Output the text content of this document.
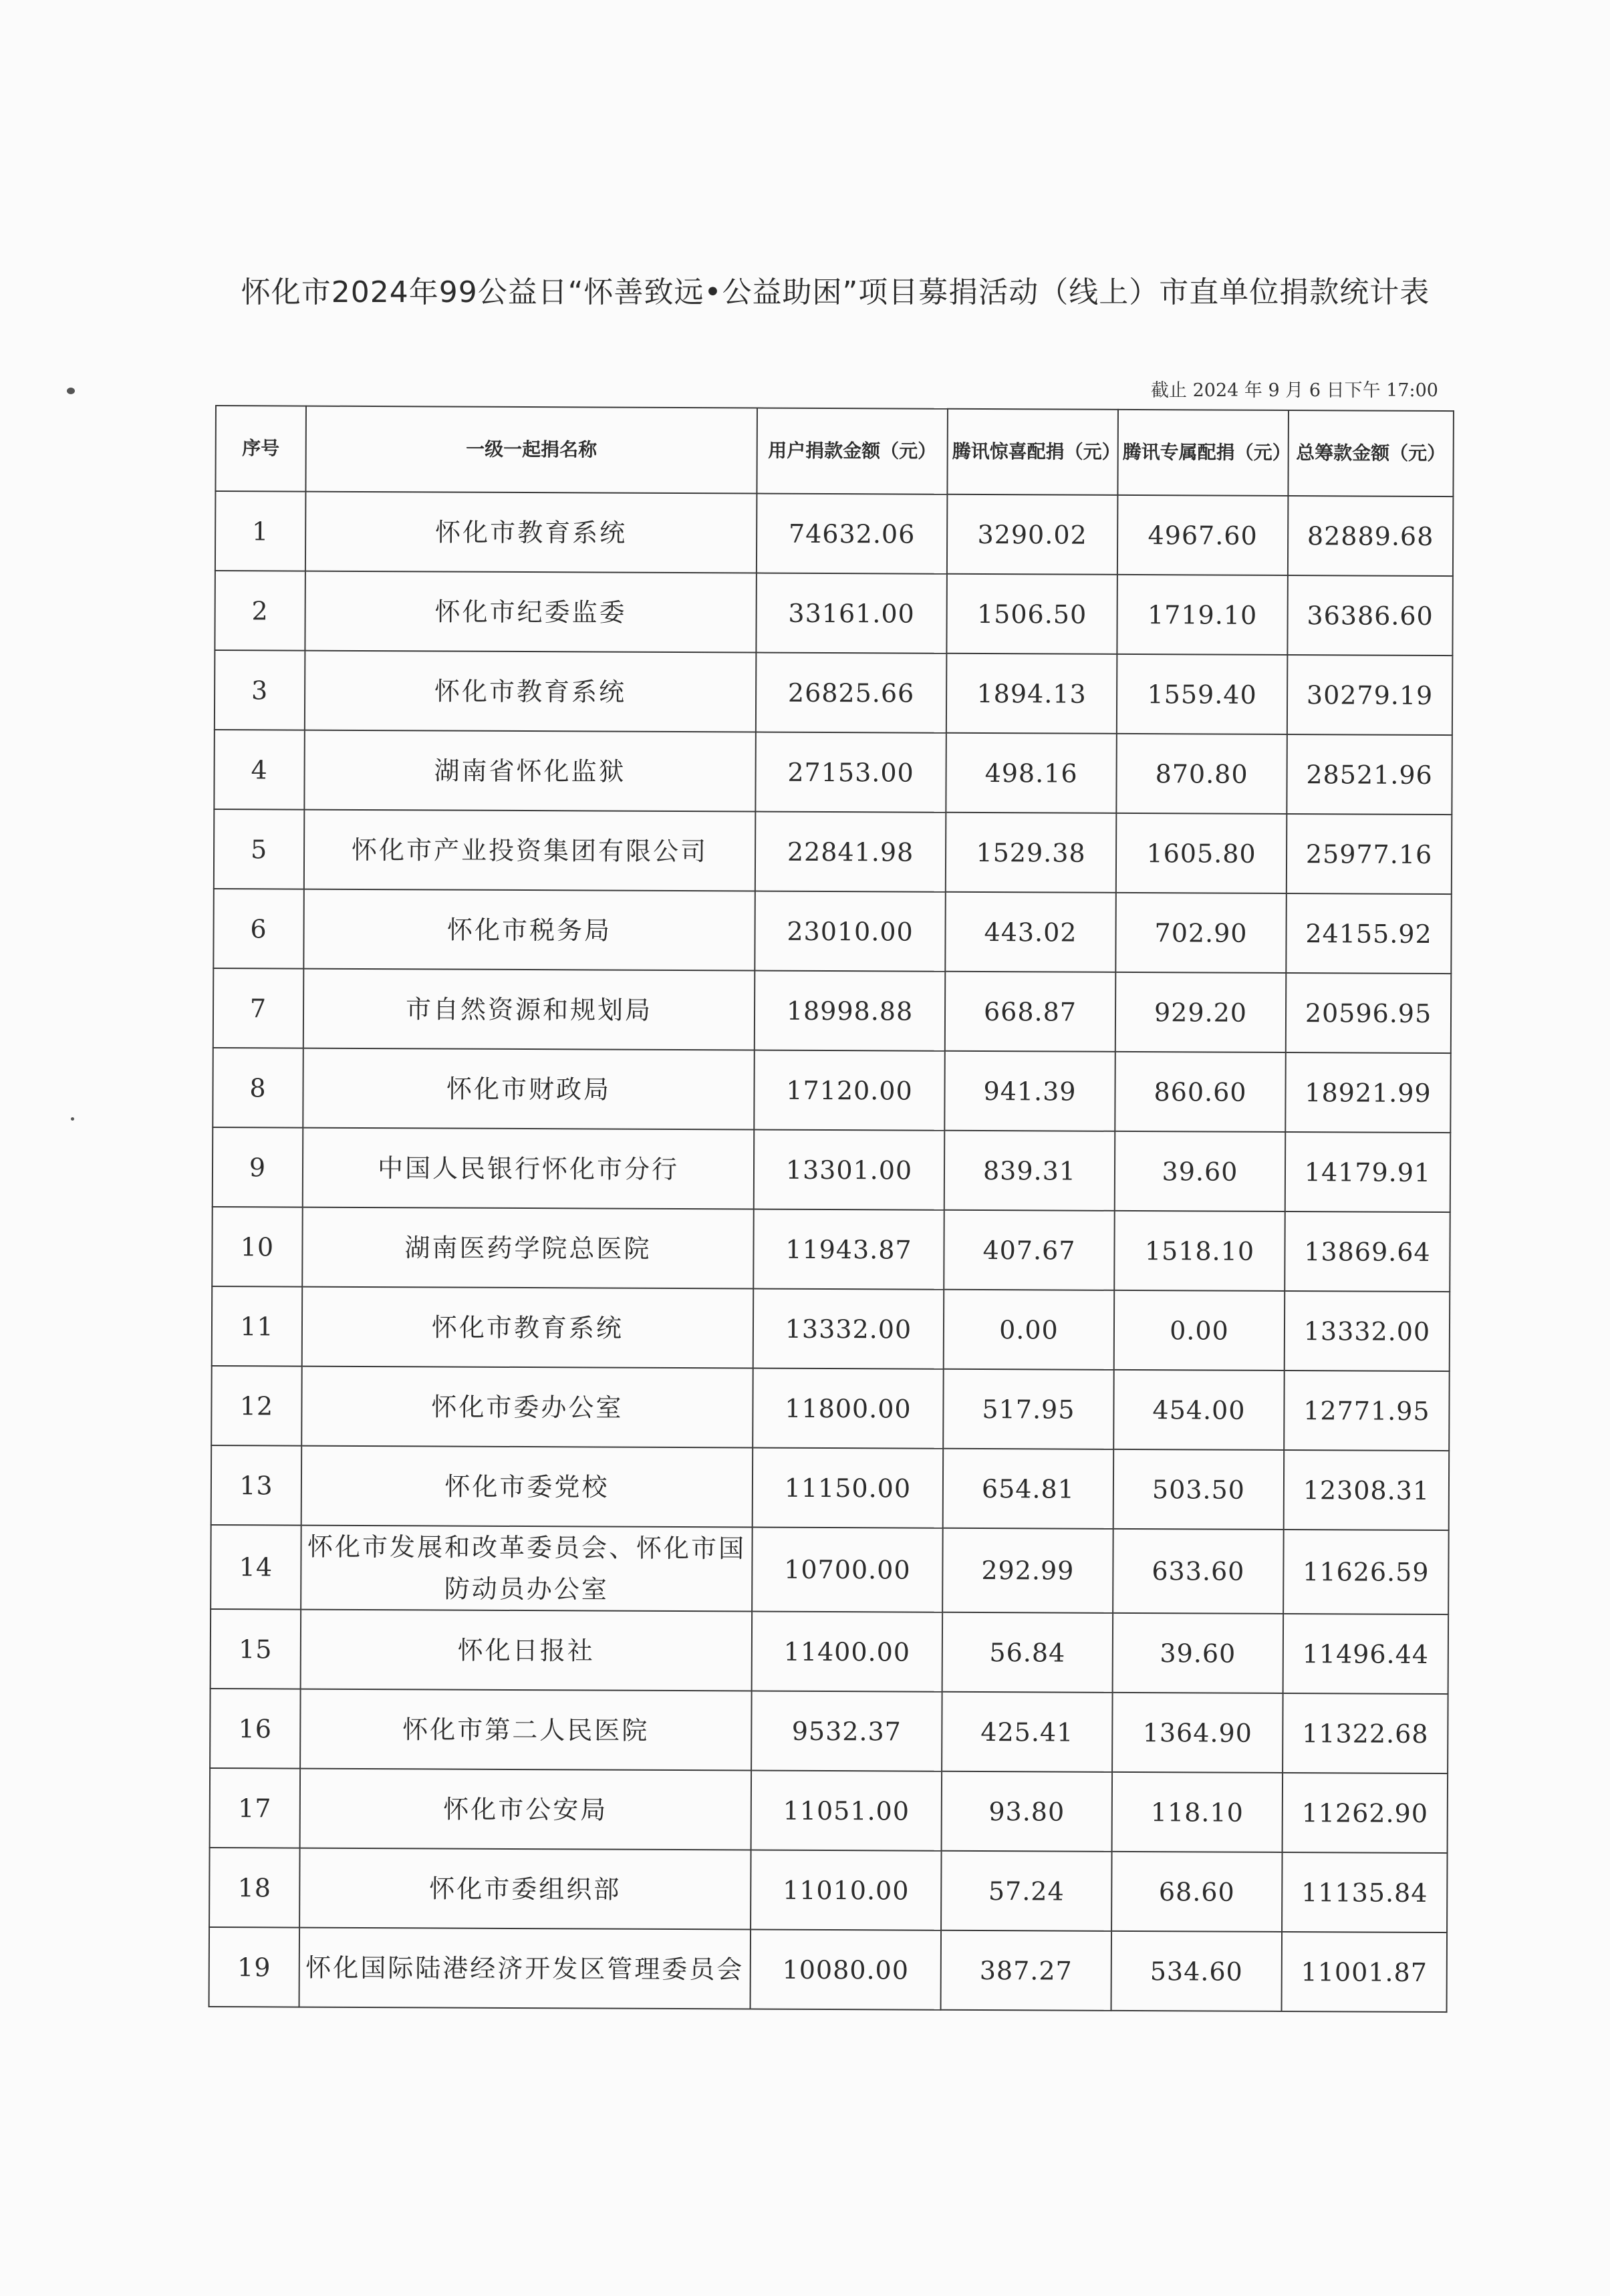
怀化市2024年99公益日“怀善致远•公益助困”项目募捐活动（线上）市直单位捐款统计表
截止 2024 年 9 月 6 日下午 17:00
序号	一级一起捐名称	用户捐款金额（元）	腾讯惊喜配捐（元）	腾讯专属配捐（元）	总筹款金额（元）
1	怀化市教育系统	74632.06	3290.02	4967.60	82889.68
2	怀化市纪委监委	33161.00	1506.50	1719.10	36386.60
3	怀化市教育系统	26825.66	1894.13	1559.40	30279.19
4	湖南省怀化监狱	27153.00	498.16	870.80	28521.96
5	怀化市产业投资集团有限公司	22841.98	1529.38	1605.80	25977.16
6	怀化市税务局	23010.00	443.02	702.90	24155.92
7	市自然资源和规划局	18998.88	668.87	929.20	20596.95
8	怀化市财政局	17120.00	941.39	860.60	18921.99
9	中国人民银行怀化市分行	13301.00	839.31	39.60	14179.91
10	湖南医药学院总医院	11943.87	407.67	1518.10	13869.64
11	怀化市教育系统	13332.00	0.00	0.00	13332.00
12	怀化市委办公室	11800.00	517.95	454.00	12771.95
13	怀化市委党校	11150.00	654.81	503.50	12308.31
14	怀化市发展和改革委员会、怀化市国防动员办公室	10700.00	292.99	633.60	11626.59
15	怀化日报社	11400.00	56.84	39.60	11496.44
16	怀化市第二人民医院	9532.37	425.41	1364.90	11322.68
17	怀化市公安局	11051.00	93.80	118.10	11262.90
18	怀化市委组织部	11010.00	57.24	68.60	11135.84
19	怀化国际陆港经济开发区管理委员会	10080.00	387.27	534.60	11001.87
